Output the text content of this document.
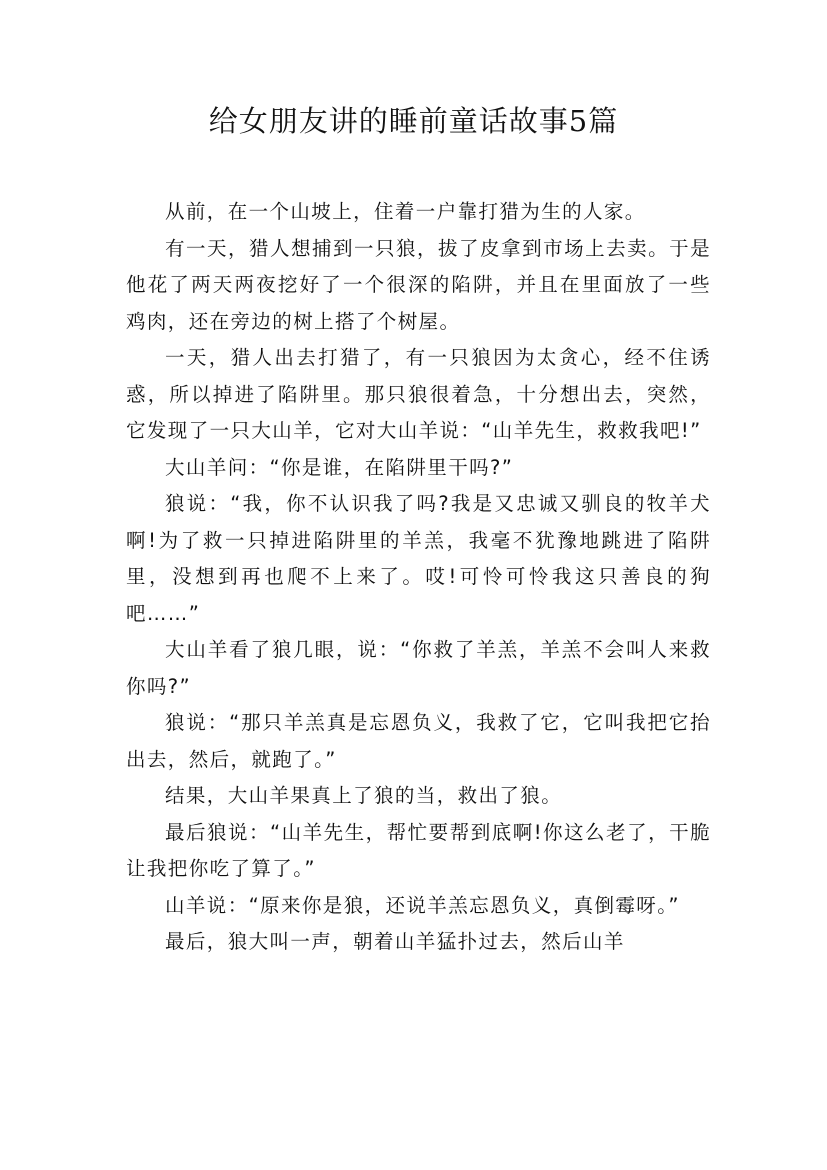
给女朋友讲的睡前童话故事5篇

从前，在一个山坡上，住着一户靠打猎为生的人家。

有一天，猎人想捕到一只狼，拔了皮拿到市场上去卖。于是他花了两天两夜挖好了一个很深的陷阱，并且在里面放了一些鸡肉，还在旁边的树上搭了个树屋。

一天，猎人出去打猎了，有一只狼因为太贪心，经不住诱惑，所以掉进了陷阱里。那只狼很着急，十分想出去，突然，它发现了一只大山羊，它对大山羊说：“山羊先生，救救我吧!”

大山羊问：“你是谁，在陷阱里干吗?”

狼说：“我，你不认识我了吗?我是又忠诚又驯良的牧羊犬啊!为了救一只掉进陷阱里的羊羔，我毫不犹豫地跳进了陷阱里，没想到再也爬不上来了。哎!可怜可怜我这只善良的狗吧……”

大山羊看了狼几眼，说：“你救了羊羔，羊羔不会叫人来救你吗?”

狼说：“那只羊羔真是忘恩负义，我救了它，它叫我把它抬出去，然后，就跑了。”

结果，大山羊果真上了狼的当，救出了狼。

最后狼说：“山羊先生，帮忙要帮到底啊!你这么老了，干脆让我把你吃了算了。”

山羊说：“原来你是狼，还说羊羔忘恩负义，真倒霉呀。”

最后，狼大叫一声，朝着山羊猛扑过去，然后山羊
